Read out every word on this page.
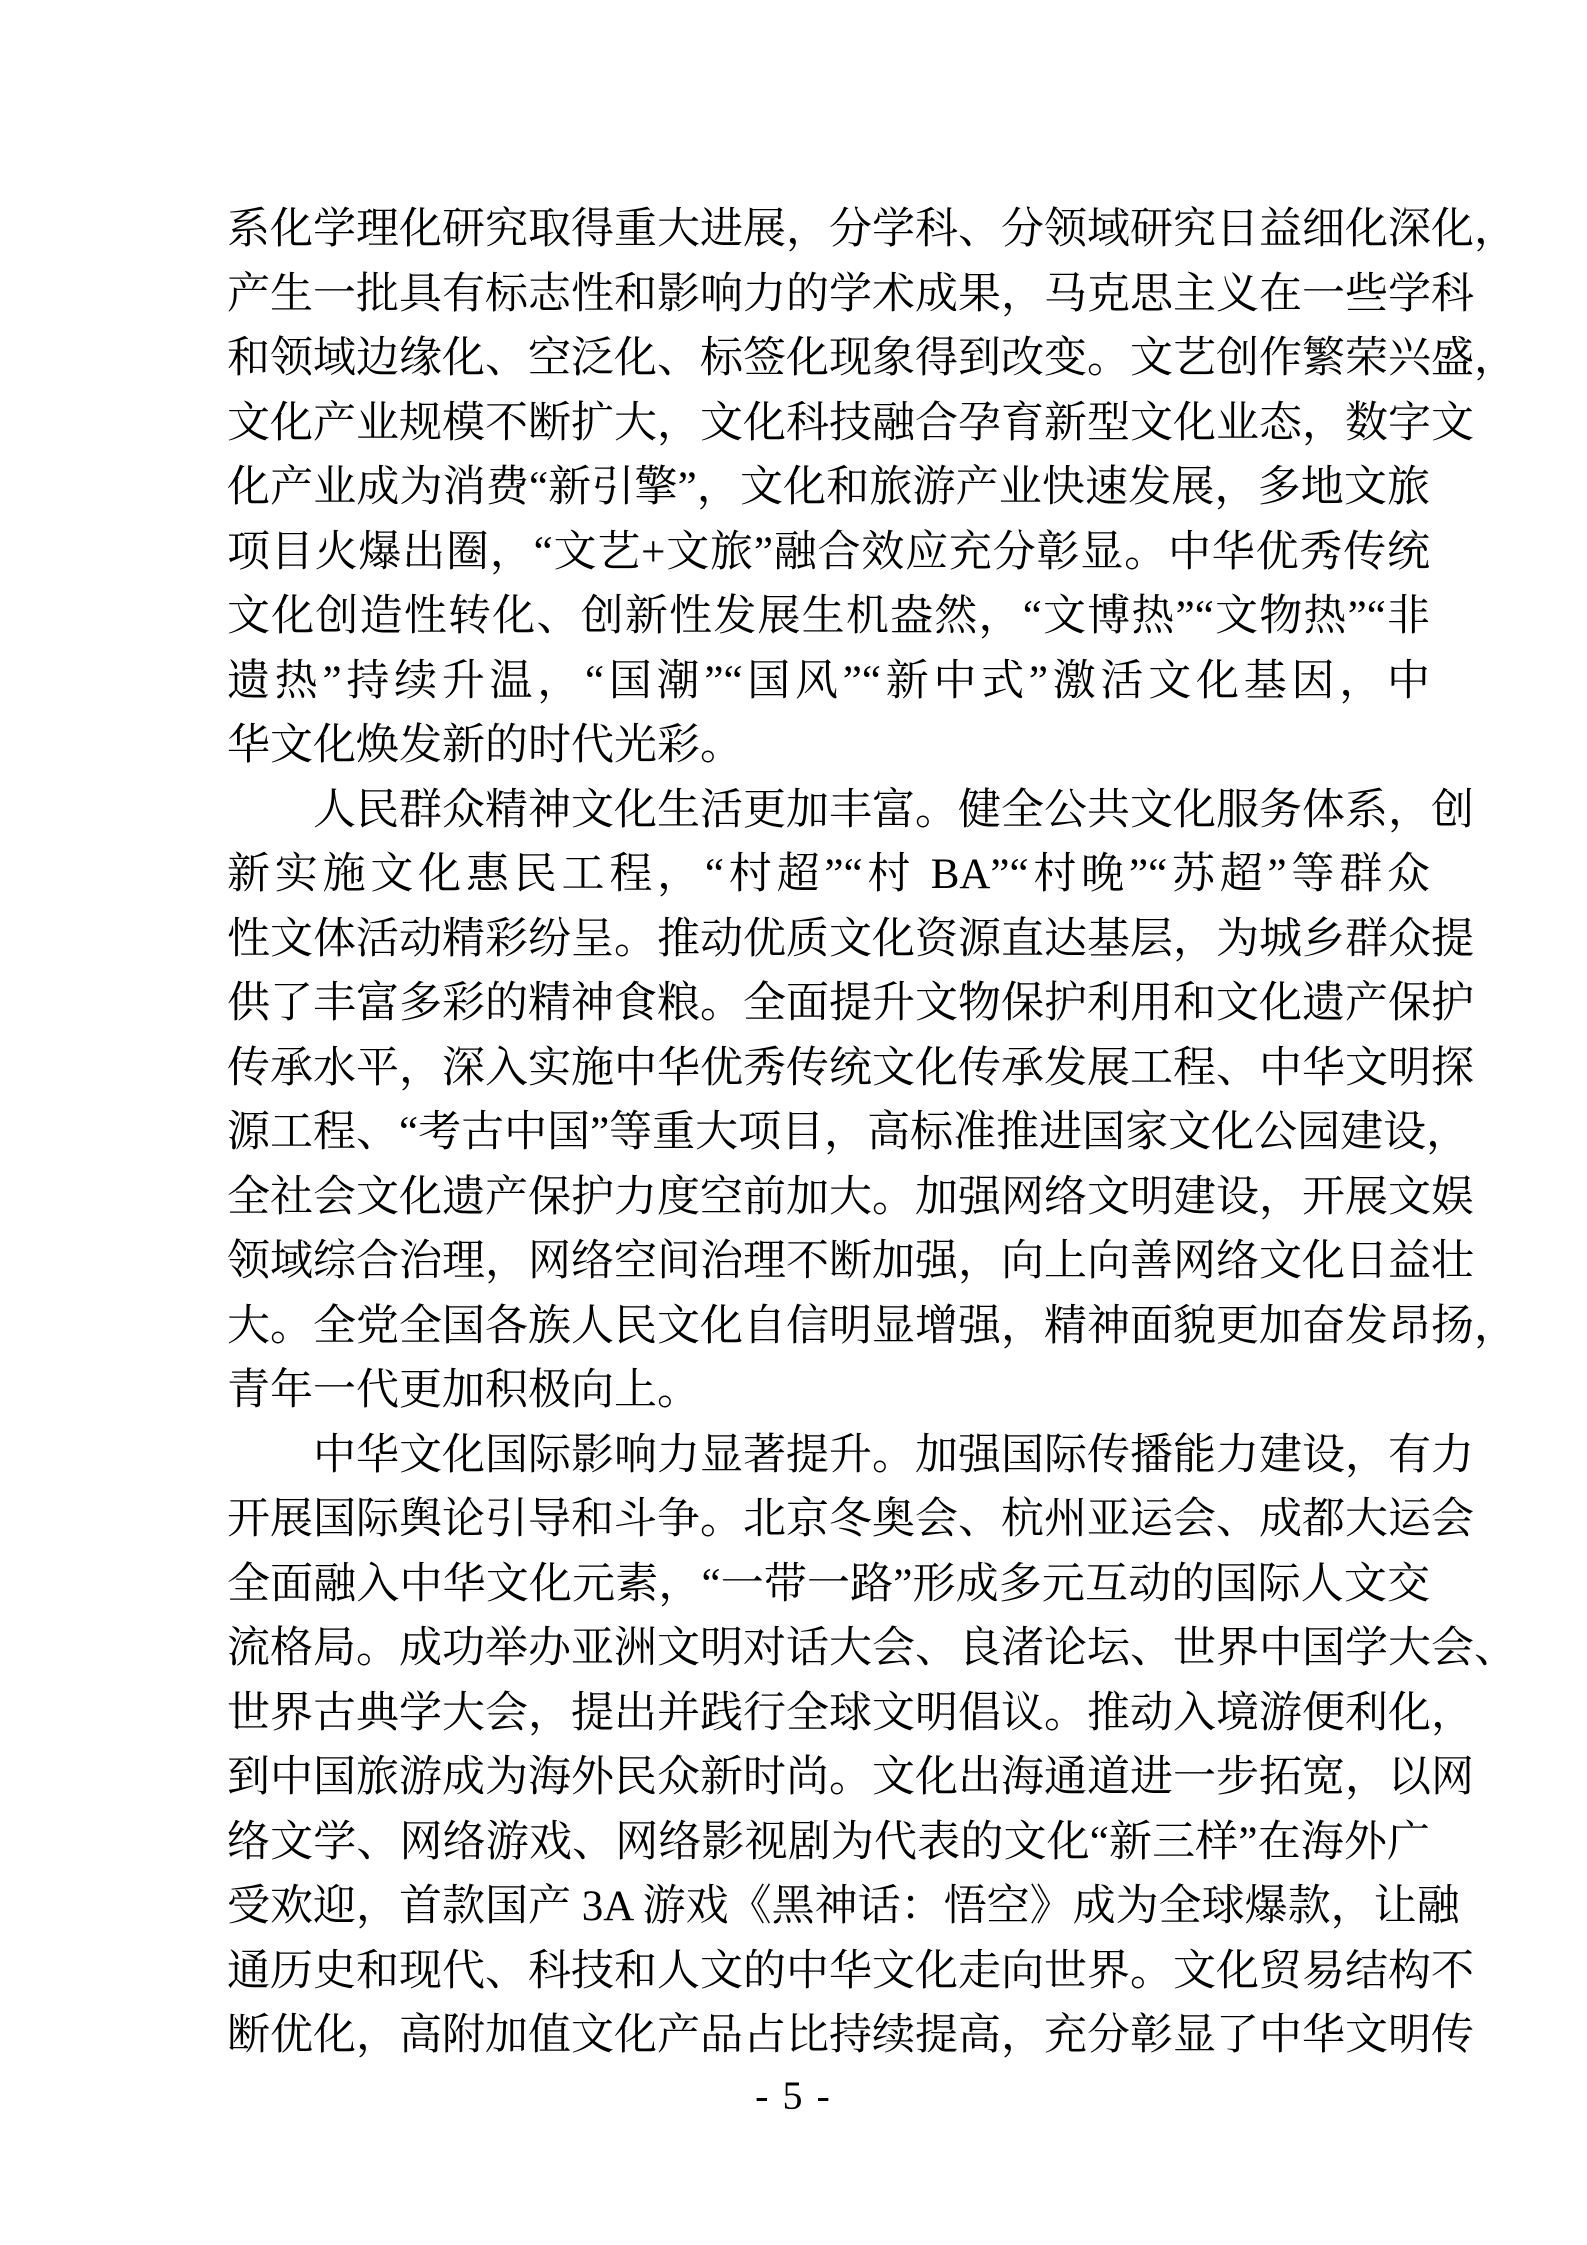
系化学理化研究取得重大进展，分学科、分领域研究日益细化深化，
产生一批具有标志性和影响力的学术成果，马克思主义在一些学科
和领域边缘化、空泛化、标签化现象得到改变。文艺创作繁荣兴盛，
文化产业规模不断扩大，文化科技融合孕育新型文化业态，数字文
化产业成为消费“新引擎”，文化和旅游产业快速发展，多地文旅
项目火爆出圈，“文艺+文旅”融合效应充分彰显。中华优秀传统
文化创造性转化、创新性发展生机盎然，“文博热”“文物热”“非
遗热”持续升温，“国潮”“国风”“新中式”激活文化基因，中
华文化焕发新的时代光彩。
人民群众精神文化生活更加丰富。健全公共文化服务体系，创
新实施文化惠民工程，“村超”“村 BA”“村晚”“苏超”等群众
性文体活动精彩纷呈。推动优质文化资源直达基层，为城乡群众提
供了丰富多彩的精神食粮。全面提升文物保护利用和文化遗产保护
传承水平，深入实施中华优秀传统文化传承发展工程、中华文明探
源工程、“考古中国”等重大项目，高标准推进国家文化公园建设，
全社会文化遗产保护力度空前加大。加强网络文明建设，开展文娱
领域综合治理，网络空间治理不断加强，向上向善网络文化日益壮
大。全党全国各族人民文化自信明显增强，精神面貌更加奋发昂扬，
青年一代更加积极向上。
中华文化国际影响力显著提升。加强国际传播能力建设，有力
开展国际舆论引导和斗争。北京冬奥会、杭州亚运会、成都大运会
全面融入中华文化元素，“一带一路”形成多元互动的国际人文交
流格局。成功举办亚洲文明对话大会、良渚论坛、世界中国学大会、
世界古典学大会，提出并践行全球文明倡议。推动入境游便利化，
到中国旅游成为海外民众新时尚。文化出海通道进一步拓宽，以网
络文学、网络游戏、网络影视剧为代表的文化“新三样”在海外广
受欢迎，首款国产 3A 游戏《黑神话：悟空》成为全球爆款，让融
通历史和现代、科技和人文的中华文化走向世界。文化贸易结构不
断优化，高附加值文化产品占比持续提高，充分彰显了中华文明传
- 5 -
